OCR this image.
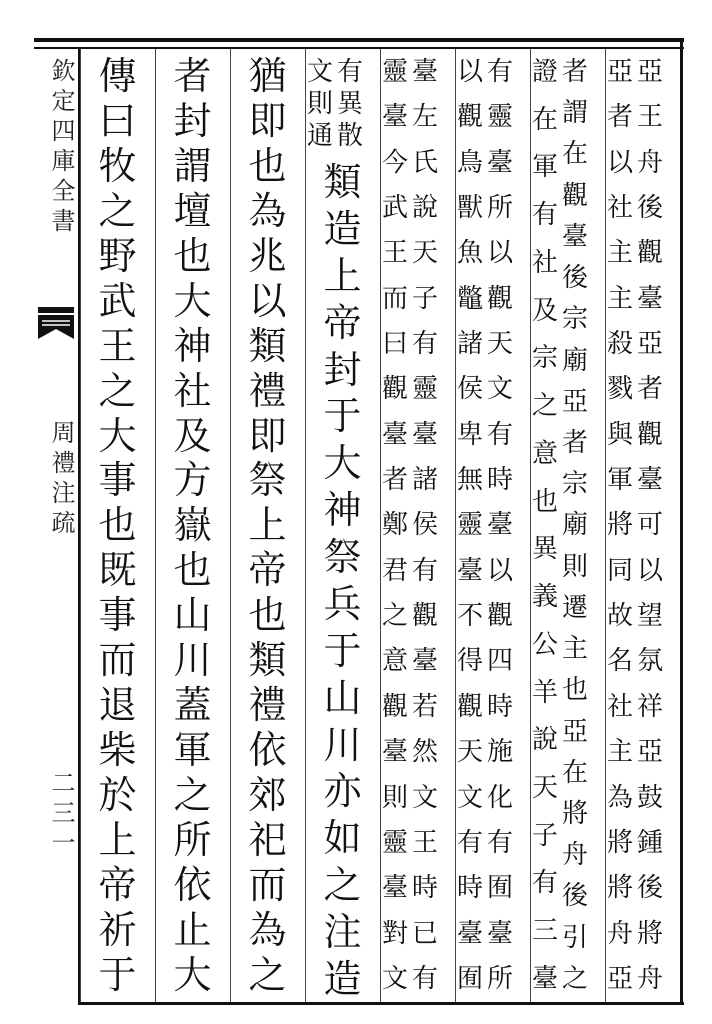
欽定四庫全書
周禮注疏
二三一
亞
者
以
社
主
主
殺
戮
與
軍
將
同
故
名
社
主
為
將
將
舟
亞
亞
王
舟
後
觀
臺
亞
者
觀
臺
可
以
望
氛
祥
亞
鼓
鍾
後
將
舟
證
在
軍
有
社
及
宗
之
意
也
異
義
公
羊
說
天
子
有
三
臺
者
謂
在
觀
臺
後
宗
廟
亞
者
宗
廟
則
遷
主
也
亞
在
將
舟
後
引
之
以
觀
鳥
獸
魚
鼈
諸
侯
卑
無
靈
臺
不
得
觀
天
文
有
時
臺
囿
有
靈
臺
所
以
觀
天
文
有
時
臺
以
觀
四
時
施
化
有
囿
臺
所
靈
臺
今
武
王
而
曰
觀
臺
者
鄭
君
之
意
觀
臺
則
靈
臺
對
文
臺
左
氏
說
天
子
有
靈
臺
諸
侯
有
觀
臺
若
然
文
王
時
已
有
文
則
通
有
異
散
類
造
上
帝
封
于
大
神
祭
兵
于
山
川
亦
如
之
注
造
猶
即
也
為
兆
以
類
禮
即
祭
上
帝
也
類
禮
依
郊
祀
而
為
之
者
封
謂
壇
也
大
神
社
及
方
嶽
也
山
川
蓋
軍
之
所
依
止
大
傳
曰
牧
之
野
武
王
之
大
事
也
既
事
而
退
柴
於
上
帝
祈
于
